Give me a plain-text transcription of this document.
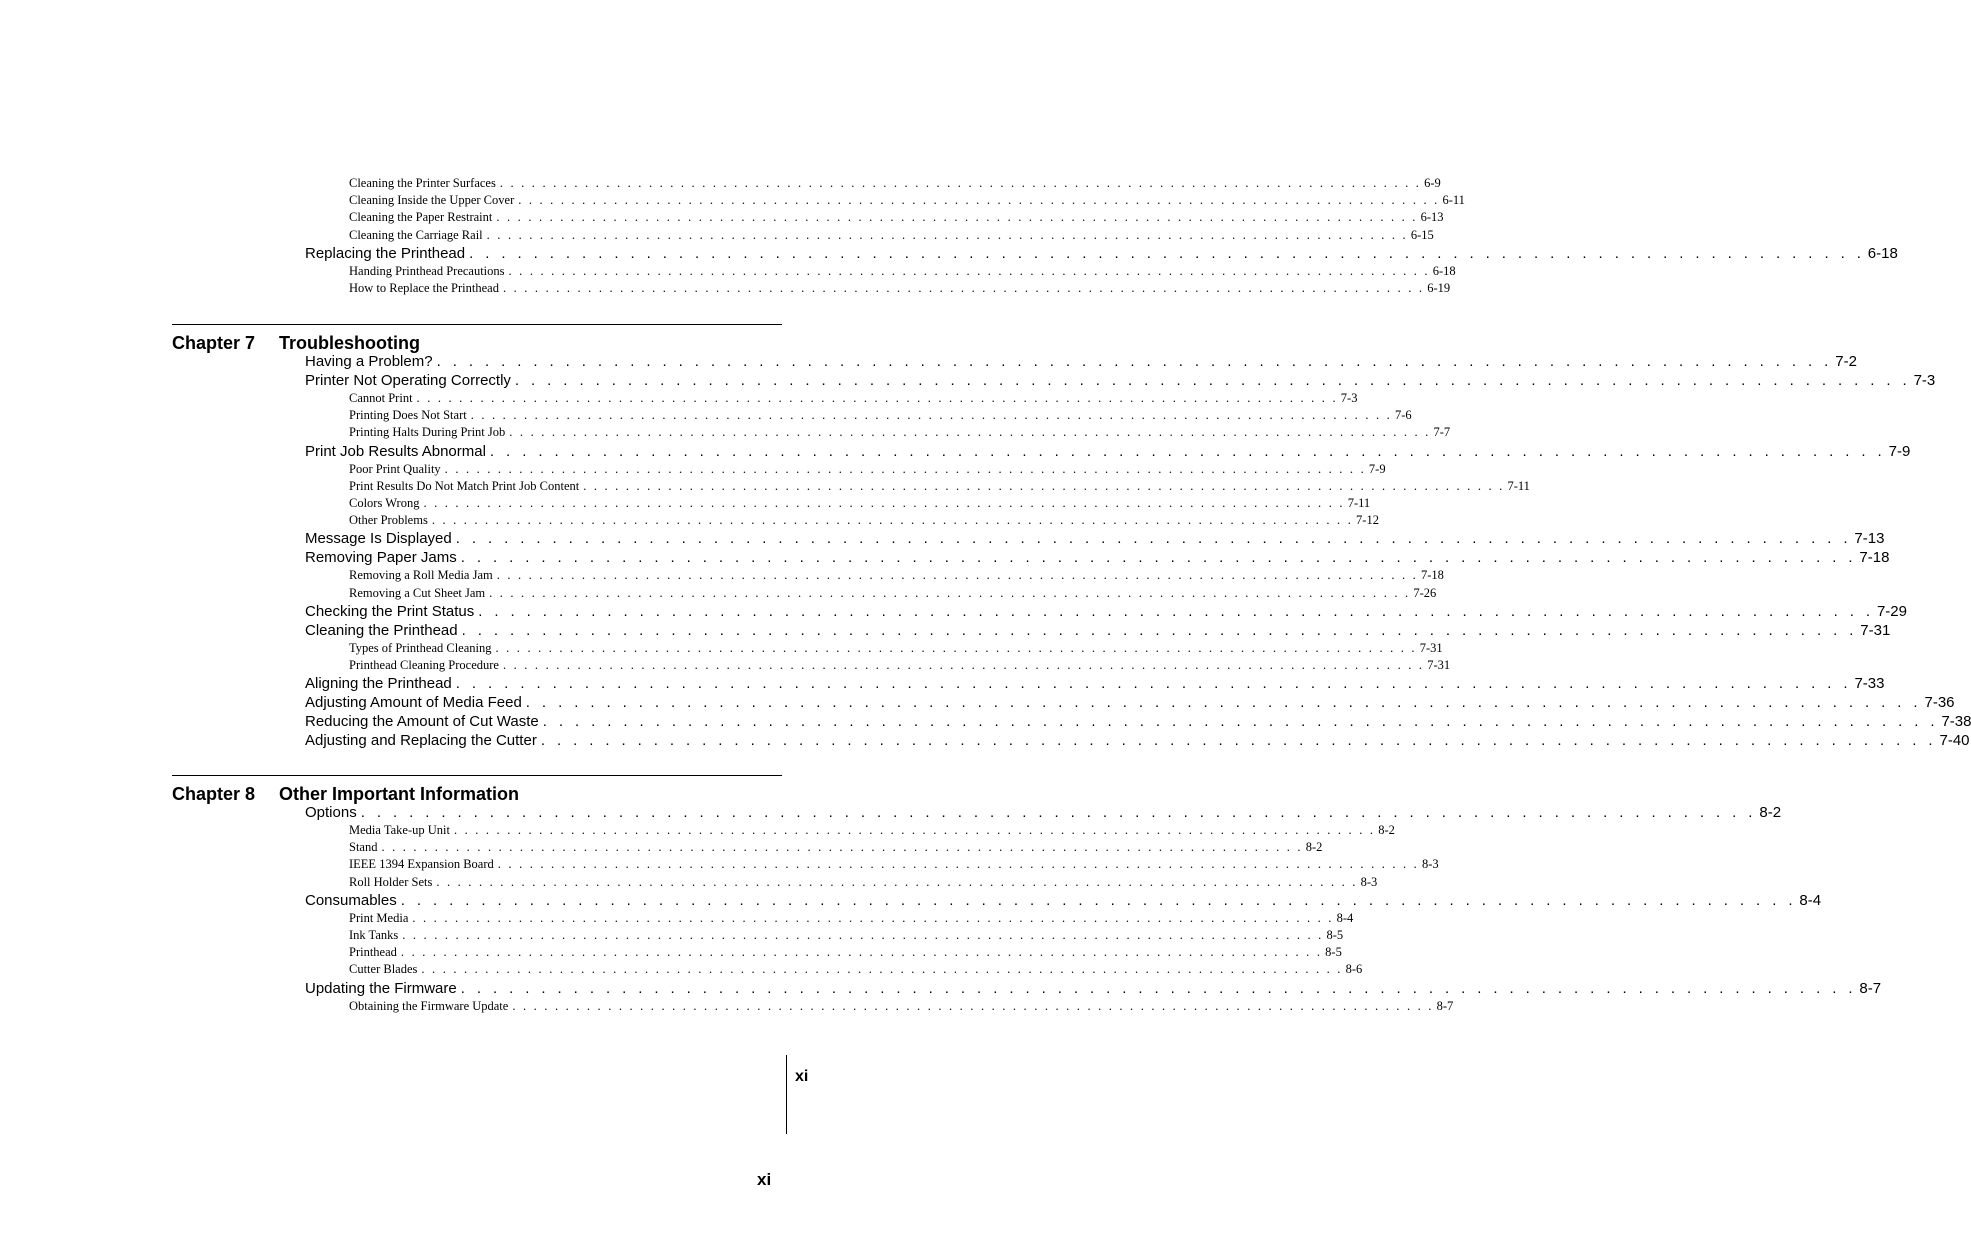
Cleaning the Printer Surfaces . . . . . . . . . . . . . . . . . . . . . . . . . . . . . . . . . . . . . . . . . . . . . . . . . . . . . . . . . . . . . . . . . . . . . . . . . . . . . . . . . . . . . . . 6-9
Cleaning Inside the Upper Cover . . . . . . . . . . . . . . . . . . . . . . . . . . . . . . . . . . . . . . . . . . . . . . . . . . . . . . . . . . . . . . . . . . . . . . . . . . . . . . . . . . . . . . . 6-11
Cleaning the Paper Restraint . . . . . . . . . . . . . . . . . . . . . . . . . . . . . . . . . . . . . . . . . . . . . . . . . . . . . . . . . . . . . . . . . . . . . . . . . . . . . . . . . . . . . . . 6-13
Cleaning the Carriage Rail . . . . . . . . . . . . . . . . . . . . . . . . . . . . . . . . . . . . . . . . . . . . . . . . . . . . . . . . . . . . . . . . . . . . . . . . . . . . . . . . . . . . . . . 6-15
Replacing the Printhead . . . . . . . . . . . . . . . . . . . . . . . . . . . . . . . . . . . . . . . . . . . . . . . . . . . . . . . . . . . . . . . . . . . . . . . . . . . . . . . . . . . . . . . 6-18
Handing Printhead Precautions . . . . . . . . . . . . . . . . . . . . . . . . . . . . . . . . . . . . . . . . . . . . . . . . . . . . . . . . . . . . . . . . . . . . . . . . . . . . . . . . . . . . . . . 6-18
How to Replace the Printhead . . . . . . . . . . . . . . . . . . . . . . . . . . . . . . . . . . . . . . . . . . . . . . . . . . . . . . . . . . . . . . . . . . . . . . . . . . . . . . . . . . . . . . . 6-19
Chapter 7 Troubleshooting
Having a Problem? . . . . . . . . . . . . . . . . . . . . . . . . . . . . . . . . . . . . . . . . . . . . . . . . . . . . . . . . . . . . . . . . . . . . . . . . . . . . . . . . . . . . . . . 7-2
Printer Not Operating Correctly . . . . . . . . . . . . . . . . . . . . . . . . . . . . . . . . . . . . . . . . . . . . . . . . . . . . . . . . . . . . . . . . . . . . . . . . . . . . . . . . . . . . . . . 7-3
Cannot Print . . . . . . . . . . . . . . . . . . . . . . . . . . . . . . . . . . . . . . . . . . . . . . . . . . . . . . . . . . . . . . . . . . . . . . . . . . . . . . . . . . . . . . . 7-3
Printing Does Not Start . . . . . . . . . . . . . . . . . . . . . . . . . . . . . . . . . . . . . . . . . . . . . . . . . . . . . . . . . . . . . . . . . . . . . . . . . . . . . . . . . . . . . . . 7-6
Printing Halts During Print Job . . . . . . . . . . . . . . . . . . . . . . . . . . . . . . . . . . . . . . . . . . . . . . . . . . . . . . . . . . . . . . . . . . . . . . . . . . . . . . . . . . . . . . . 7-7
Print Job Results Abnormal . . . . . . . . . . . . . . . . . . . . . . . . . . . . . . . . . . . . . . . . . . . . . . . . . . . . . . . . . . . . . . . . . . . . . . . . . . . . . . . . . . . . . . . 7-9
Poor Print Quality . . . . . . . . . . . . . . . . . . . . . . . . . . . . . . . . . . . . . . . . . . . . . . . . . . . . . . . . . . . . . . . . . . . . . . . . . . . . . . . . . . . . . . . 7-9
Print Results Do Not Match Print Job Content . . . . . . . . . . . . . . . . . . . . . . . . . . . . . . . . . . . . . . . . . . . . . . . . . . . . . . . . . . . . . . . . . . . . . . . . . . . . . . . . . . . . . . . 7-11
Colors Wrong . . . . . . . . . . . . . . . . . . . . . . . . . . . . . . . . . . . . . . . . . . . . . . . . . . . . . . . . . . . . . . . . . . . . . . . . . . . . . . . . . . . . . . . 7-11
Other Problems . . . . . . . . . . . . . . . . . . . . . . . . . . . . . . . . . . . . . . . . . . . . . . . . . . . . . . . . . . . . . . . . . . . . . . . . . . . . . . . . . . . . . . . 7-12
Message Is Displayed . . . . . . . . . . . . . . . . . . . . . . . . . . . . . . . . . . . . . . . . . . . . . . . . . . . . . . . . . . . . . . . . . . . . . . . . . . . . . . . . . . . . . . . 7-13
Removing Paper Jams . . . . . . . . . . . . . . . . . . . . . . . . . . . . . . . . . . . . . . . . . . . . . . . . . . . . . . . . . . . . . . . . . . . . . . . . . . . . . . . . . . . . . . . 7-18
Removing a Roll Media Jam . . . . . . . . . . . . . . . . . . . . . . . . . . . . . . . . . . . . . . . . . . . . . . . . . . . . . . . . . . . . . . . . . . . . . . . . . . . . . . . . . . . . . . . 7-18
Removing a Cut Sheet Jam . . . . . . . . . . . . . . . . . . . . . . . . . . . . . . . . . . . . . . . . . . . . . . . . . . . . . . . . . . . . . . . . . . . . . . . . . . . . . . . . . . . . . . . 7-26
Checking the Print Status . . . . . . . . . . . . . . . . . . . . . . . . . . . . . . . . . . . . . . . . . . . . . . . . . . . . . . . . . . . . . . . . . . . . . . . . . . . . . . . . . . . . . . . 7-29
Cleaning the Printhead . . . . . . . . . . . . . . . . . . . . . . . . . . . . . . . . . . . . . . . . . . . . . . . . . . . . . . . . . . . . . . . . . . . . . . . . . . . . . . . . . . . . . . . 7-31
Types of Printhead Cleaning . . . . . . . . . . . . . . . . . . . . . . . . . . . . . . . . . . . . . . . . . . . . . . . . . . . . . . . . . . . . . . . . . . . . . . . . . . . . . . . . . . . . . . . 7-31
Printhead Cleaning Procedure . . . . . . . . . . . . . . . . . . . . . . . . . . . . . . . . . . . . . . . . . . . . . . . . . . . . . . . . . . . . . . . . . . . . . . . . . . . . . . . . . . . . . . . 7-31
Aligning the Printhead . . . . . . . . . . . . . . . . . . . . . . . . . . . . . . . . . . . . . . . . . . . . . . . . . . . . . . . . . . . . . . . . . . . . . . . . . . . . . . . . . . . . . . . 7-33
Adjusting Amount of Media Feed . . . . . . . . . . . . . . . . . . . . . . . . . . . . . . . . . . . . . . . . . . . . . . . . . . . . . . . . . . . . . . . . . . . . . . . . . . . . . . . . . . . . . . . 7-36
Reducing the Amount of Cut Waste . . . . . . . . . . . . . . . . . . . . . . . . . . . . . . . . . . . . . . . . . . . . . . . . . . . . . . . . . . . . . . . . . . . . . . . . . . . . . . . . . . . . . . . 7-38
Adjusting and Replacing the Cutter . . . . . . . . . . . . . . . . . . . . . . . . . . . . . . . . . . . . . . . . . . . . . . . . . . . . . . . . . . . . . . . . . . . . . . . . . . . . . . . . . . . . . . . 7-40
Chapter 8 Other Important Information
Options . . . . . . . . . . . . . . . . . . . . . . . . . . . . . . . . . . . . . . . . . . . . . . . . . . . . . . . . . . . . . . . . . . . . . . . . . . . . . . . . . . . . . . . 8-2
Media Take-up Unit . . . . . . . . . . . . . . . . . . . . . . . . . . . . . . . . . . . . . . . . . . . . . . . . . . . . . . . . . . . . . . . . . . . . . . . . . . . . . . . . . . . . . . . 8-2
Stand . . . . . . . . . . . . . . . . . . . . . . . . . . . . . . . . . . . . . . . . . . . . . . . . . . . . . . . . . . . . . . . . . . . . . . . . . . . . . . . . . . . . . . . 8-2
IEEE 1394 Expansion Board . . . . . . . . . . . . . . . . . . . . . . . . . . . . . . . . . . . . . . . . . . . . . . . . . . . . . . . . . . . . . . . . . . . . . . . . . . . . . . . . . . . . . . . 8-3
Roll Holder Sets . . . . . . . . . . . . . . . . . . . . . . . . . . . . . . . . . . . . . . . . . . . . . . . . . . . . . . . . . . . . . . . . . . . . . . . . . . . . . . . . . . . . . . . 8-3
Consumables . . . . . . . . . . . . . . . . . . . . . . . . . . . . . . . . . . . . . . . . . . . . . . . . . . . . . . . . . . . . . . . . . . . . . . . . . . . . . . . . . . . . . . . 8-4
Print Media . . . . . . . . . . . . . . . . . . . . . . . . . . . . . . . . . . . . . . . . . . . . . . . . . . . . . . . . . . . . . . . . . . . . . . . . . . . . . . . . . . . . . . . 8-4
Ink Tanks . . . . . . . . . . . . . . . . . . . . . . . . . . . . . . . . . . . . . . . . . . . . . . . . . . . . . . . . . . . . . . . . . . . . . . . . . . . . . . . . . . . . . . . 8-5
Printhead . . . . . . . . . . . . . . . . . . . . . . . . . . . . . . . . . . . . . . . . . . . . . . . . . . . . . . . . . . . . . . . . . . . . . . . . . . . . . . . . . . . . . . . 8-5
Cutter Blades . . . . . . . . . . . . . . . . . . . . . . . . . . . . . . . . . . . . . . . . . . . . . . . . . . . . . . . . . . . . . . . . . . . . . . . . . . . . . . . . . . . . . . . 8-6
Updating the Firmware . . . . . . . . . . . . . . . . . . . . . . . . . . . . . . . . . . . . . . . . . . . . . . . . . . . . . . . . . . . . . . . . . . . . . . . . . . . . . . . . . . . . . . . 8-7
Obtaining the Firmware Update . . . . . . . . . . . . . . . . . . . . . . . . . . . . . . . . . . . . . . . . . . . . . . . . . . . . . . . . . . . . . . . . . . . . . . . . . . . . . . . . . . . . . . . 8-7
xi
xi
